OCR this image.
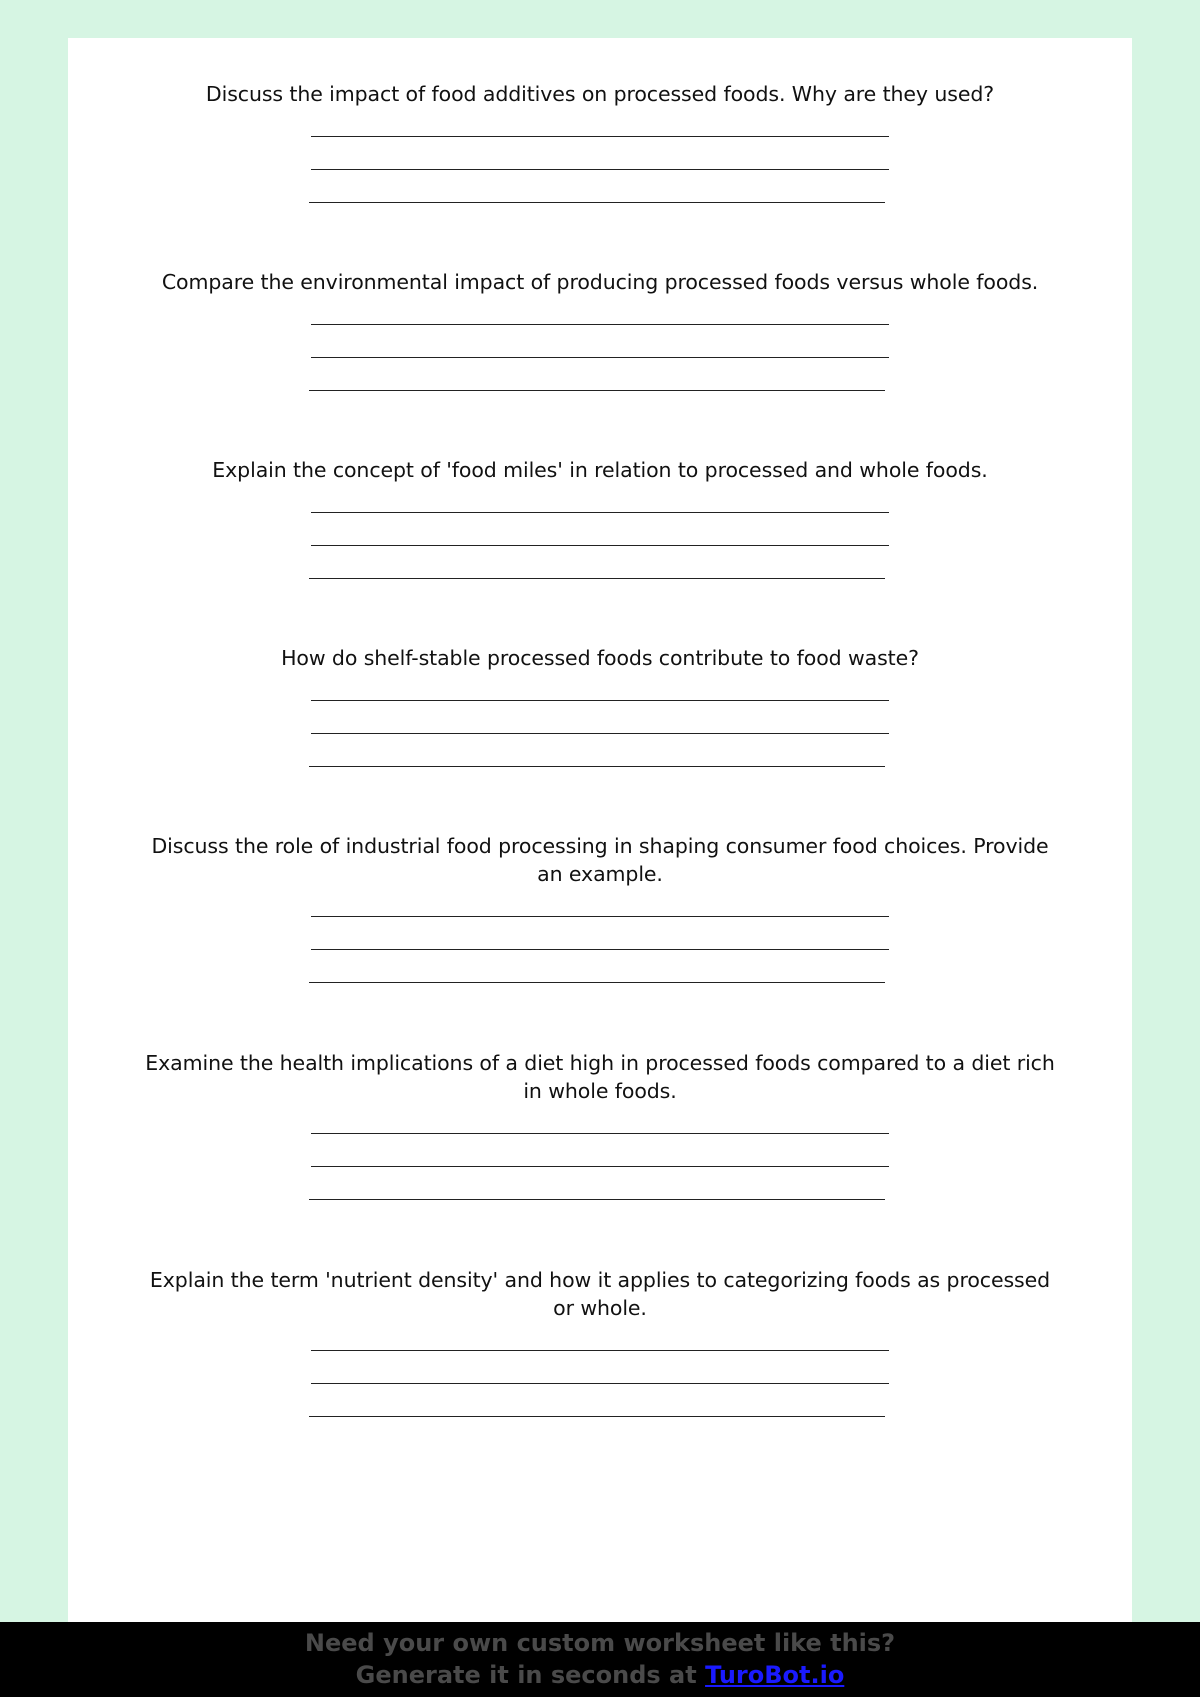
Discuss the impact of food additives on processed foods. Why are they used?

Compare the environmental impact of producing processed foods versus whole foods.

Explain the concept of 'food miles' in relation to processed and whole foods.

How do shelf-stable processed foods contribute to food waste?

Discuss the role of industrial food processing in shaping consumer food choices. Provide an example.

Examine the health implications of a diet high in processed foods compared to a diet rich in whole foods.

Explain the term 'nutrient density' and how it applies to categorizing foods as processed or whole.

Need your own custom worksheet like this?
Generate it in seconds at TuroBot.io
